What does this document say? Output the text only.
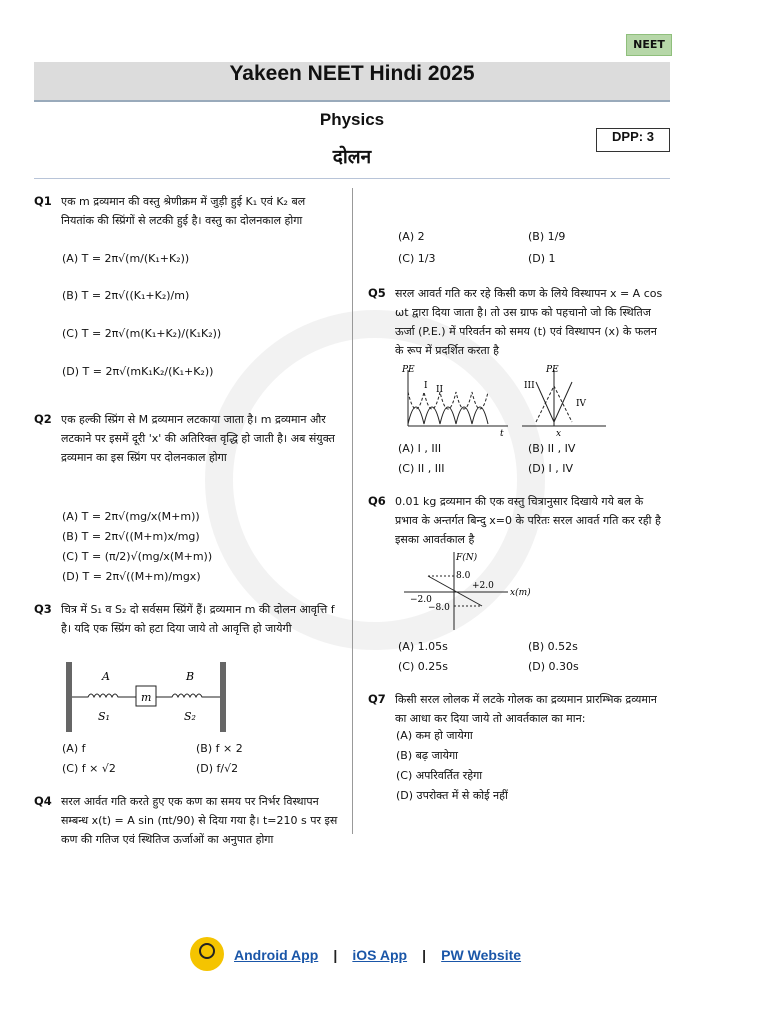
NEET
Yakeen NEET Hindi 2025
Physics
दोलन
DPP: 3
Q1 एक m द्रव्यमान की वस्तु श्रेणीक्रम में जुड़ी हुई K₁ एवं K₂ बल नियतांक की स्प्रिंगों से लटकी हुई है। वस्तु का दोलनकाल होगा
(A) T = 2π√(m/(K₁+K₂))
(B) T = 2π√((K₁+K₂)/m)
(C) T = 2π√(m(K₁+K₂)/(K₁K₂))
(D) T = 2π√(mK₁K₂/(K₁+K₂))
Q2 एक हल्की स्प्रिंग से M द्रव्यमान लटकाया जाता है। m द्रव्यमान और लटकाने पर इसमें दूरी 'x' की अतिरिक्त वृद्धि हो जाती है। अब संयुक्त द्रव्यमान का इस स्प्रिंग पर दोलनकाल होगा
(A) T = 2π√(mg/x(M+m))
(B) T = 2π√((M+m)x/mg)
(C) T = (π/2)√(mg/x(M+m))
(D) T = 2π√((M+m)/mgx)
Q3 चित्र में S₁ व S₂ दो सर्वसम स्प्रिंगें हैं। द्रव्यमान m की दोलन आवृत्ति f है। यदि एक स्प्रिंग को हटा दिया जाये तो आवृत्ति हो जायेगी
A	B
m
S₁	S₂
(A) f	(B) f × 2
(C) f × √2	(D) f/√2
Q4 सरल आर्वत गति करते हुए एक कण का समय पर निर्भर विस्थापन सम्बन्ध x(t) = A sin (πt/90) से दिया गया है। t=210 s पर इस कण की गतिज एवं स्थितिज ऊर्जाओं का अनुपात होगा
(A) 2	(B) 1/9
(C) 1/3	(D) 1
Q5 सरल आवर्त गति कर रहे किसी कण के लिये विस्थापन x = A cos ωt द्वारा दिया जाता है। तो उस ग्राफ को पहचानो जो कि स्थितिज ऊर्जा (P.E.) में परिवर्तन को समय (t) एवं विस्थापन (x) के फलन के रूप में प्रदर्शित करता है
PE
t
I II
PE
x
III
IV
(A) I , III	(B) II , IV
(C) II , III	(D) I , IV
Q6 0.01 kg द्रव्यमान की एक वस्तु चित्रानुसार दिखाये गये बल के प्रभाव के अन्तर्गत बिन्दु x=0 के परितः सरल आवर्त गति कर रही है इसका आवर्तकाल है
F(N)
x(m)
8.0
+2.0
−2.0
−8.0
(A) 1.05s	(B) 0.52s
(C) 0.25s	(D) 0.30s
Q7 किसी सरल लोलक में लटके गोलक का द्रव्यमान प्रारम्भिक द्रव्यमान का आधा कर दिया जाये तो आवर्तकाल का मान:
(A) कम हो जायेगा
(B) बढ़ जायेगा
(C) अपरिवर्तित रहेगा
(D) उपरोक्त में से कोई नहीं
Android App | iOS App | PW Website
